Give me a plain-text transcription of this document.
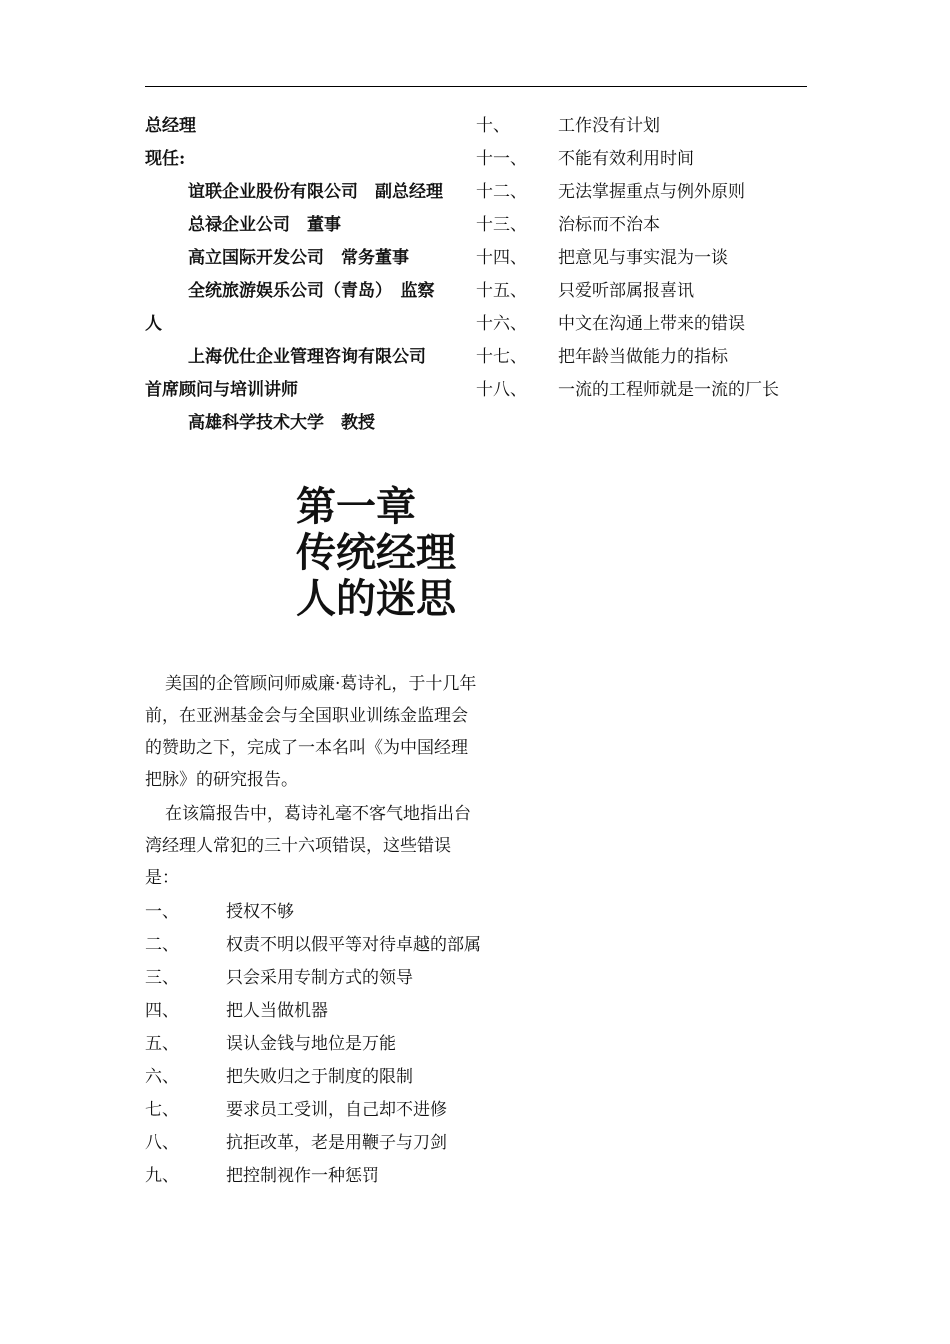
总经理
现任:
谊联企业股份有限公司　副总经理
总禄企业公司　董事
高立国际开发公司　常务董事
全统旅游娱乐公司（青岛）　监察
人
上海优仕企业管理咨询有限公司
首席顾问与培训讲师
高雄科学技术大学　教授
十、	工作没有计划
十一、 不能有效利用时间
十二、 无法掌握重点与例外原则
十三、 治标而不治本
十四、 把意见与事实混为一谈
十五、 只爱听部属报喜讯
十六、 中文在沟通上带来的错误
十七、 把年龄当做能力的指标
十八、 一流的工程师就是一流的厂长
第一章
传统经理
人的迷思
美国的企管顾问师威廉·葛诗礼，于十几年前，在亚洲基金会与全国职业训练金监理会的赞助之下，完成了一本名叫《为中国经理把脉》的研究报告。
在该篇报告中，葛诗礼毫不客气地指出台湾经理人常犯的三十六项错误，这些错误是：
一、	授权不够
二、	权责不明以假平等对待卓越的部属
三、	只会采用专制方式的领导
四、	把人当做机器
五、	误认金钱与地位是万能
六、	把失败归之于制度的限制
七、	要求员工受训，自己却不进修
八、	抗拒改革，老是用鞭子与刀剑
九、	把控制视作一种惩罚
